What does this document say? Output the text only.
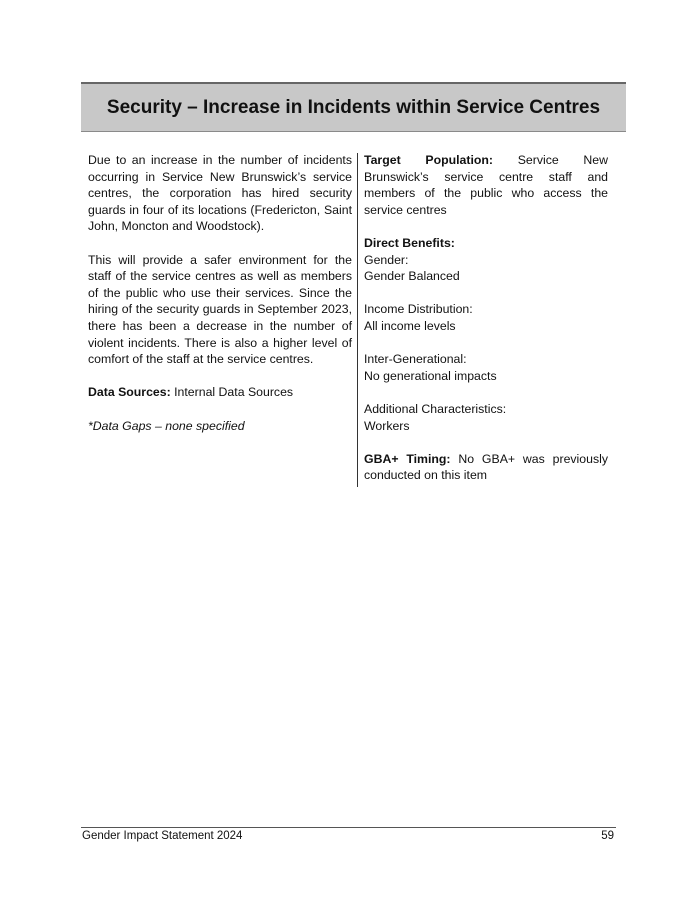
Security – Increase in Incidents within Service Centres

Due to an increase in the number of incidents occurring in Service New Brunswick’s service centres, the corporation has hired security guards in four of its locations (Fredericton, Saint John, Moncton and Woodstock).

This will provide a safer environment for the staff of the service centres as well as members of the public who use their services. Since the hiring of the security guards in September 2023, there has been a decrease in the number of violent incidents. There is also a higher level of comfort of the staff at the service centres.

Data Sources: Internal Data Sources

*Data Gaps – none specified

Target Population: Service New Brunswick’s service centre staff and members of the public who access the service centres

Direct Benefits:

Gender:

Gender Balanced

Income Distribution:

All income levels

Inter-Generational:

No generational impacts

Additional Characteristics:

Workers

GBA+ Timing: No GBA+ was previously conducted on this item

Gender Impact Statement 2024	59
